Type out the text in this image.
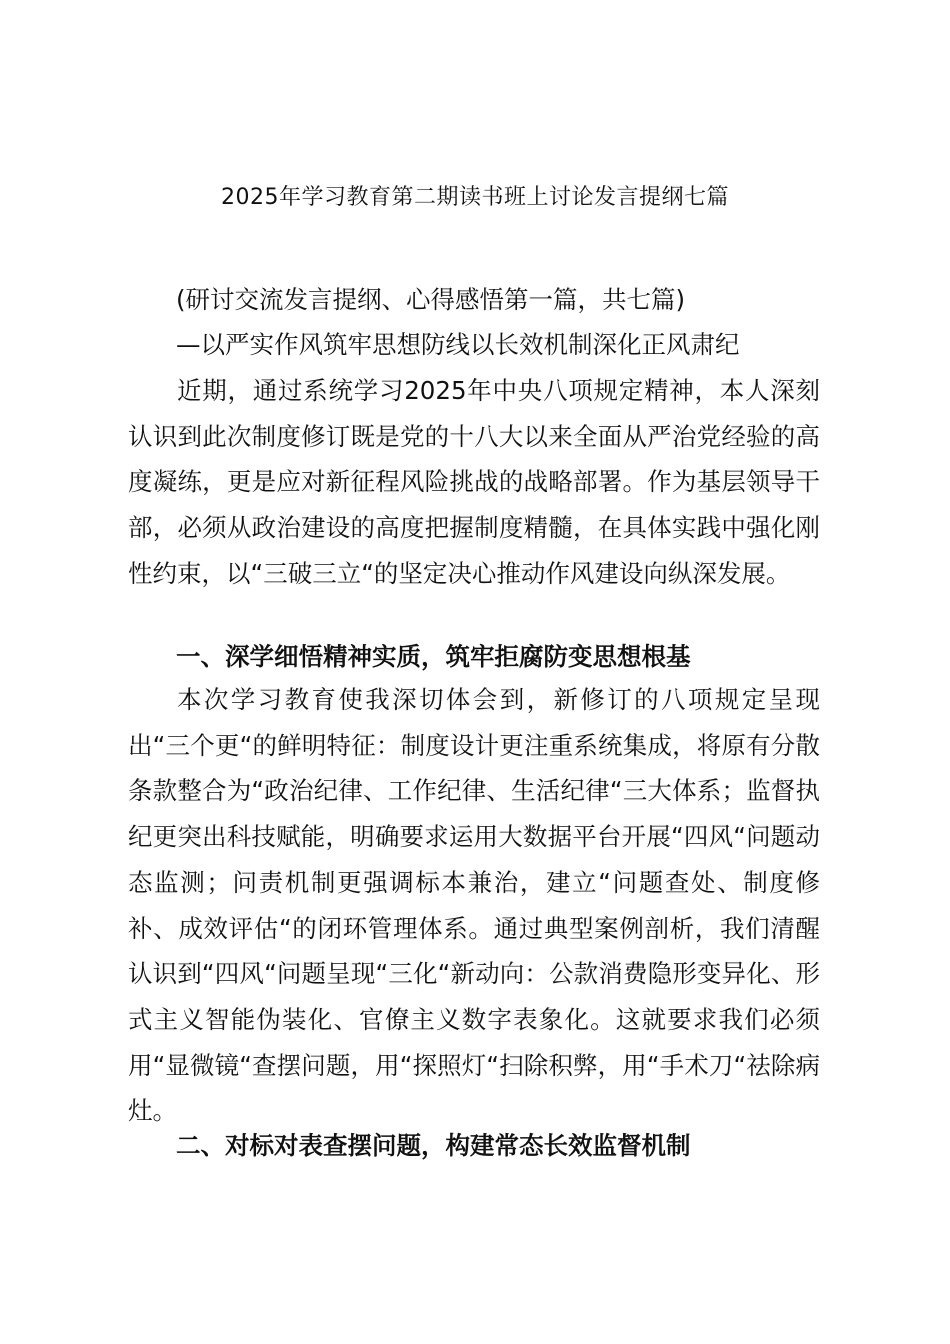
2025年学习教育第二期读书班上讨论发言提纲七篇
(研讨交流发言提纲、心得感悟第一篇，共七篇)
—以严实作风筑牢思想防线以长效机制深化正风肃纪

近期，通过系统学习2025年中央八项规定精神，本人深刻认识到此次制度修订既是党的十八大以来全面从严治党经验的高度凝练，更是应对新征程风险挑战的战略部署。作为基层领导干部，必须从政治建设的高度把握制度精髓，在具体实践中强化刚性约束，以“三破三立“的坚定决心推动作风建设向纵深发展。

一、深学细悟精神实质，筑牢拒腐防变思想根基

本次学习教育使我深切体会到，新修订的八项规定呈现出“三个更“的鲜明特征：制度设计更注重系统集成，将原有分散条款整合为“政治纪律、工作纪律、生活纪律“三大体系；监督执纪更突出科技赋能，明确要求运用大数据平台开展“四风“问题动态监测；问责机制更强调标本兼治，建立“问题查处、制度修补、成效评估“的闭环管理体系。通过典型案例剖析，我们清醒认识到“四风“问题呈现“三化“新动向：公款消费隐形变异化、形式主义智能伪装化、官僚主义数字表象化。这就要求我们必须用“显微镜“查摆问题，用“探照灯“扫除积弊，用“手术刀“祛除病灶。

二、对标对表查摆问题，构建常态长效监督机制
